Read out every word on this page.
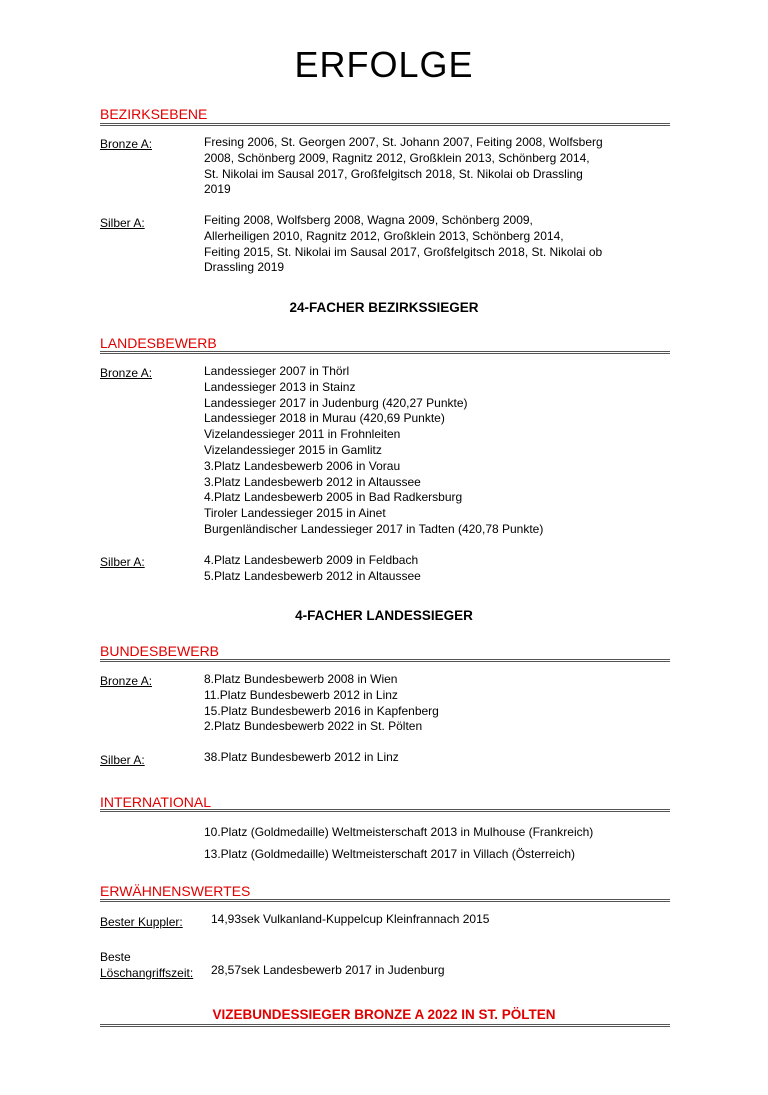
ERFOLGE
BEZIRKSEBENE
Bronze A:	Fresing 2006, St. Georgen 2007, St. Johann 2007, Feiting 2008, Wolfsberg
2008, Schönberg 2009, Ragnitz 2012, Großklein 2013, Schönberg 2014,
St. Nikolai im Sausal 2017, Großfelgitsch 2018, St. Nikolai ob Drassling
2019
Silber A:	Feiting 2008, Wolfsberg 2008, Wagna 2009, Schönberg 2009,
Allerheiligen 2010, Ragnitz 2012, Großklein 2013, Schönberg 2014,
Feiting 2015, St. Nikolai im Sausal 2017, Großfelgitsch 2018, St. Nikolai ob
Drassling 2019
24-FACHER BEZIRKSSIEGER
LANDESBEWERB
Bronze A:	Landessieger 2007 in Thörl
Landessieger 2013 in Stainz
Landessieger 2017 in Judenburg (420,27 Punkte)
Landessieger 2018 in Murau (420,69 Punkte)
Vizelandessieger 2011 in Frohnleiten
Vizelandessieger 2015 in Gamlitz
3.Platz Landesbewerb 2006 in Vorau
3.Platz Landesbewerb 2012 in Altaussee
4.Platz Landesbewerb 2005 in Bad Radkersburg
Tiroler Landessieger 2015 in Ainet
Burgenländischer Landessieger 2017 in Tadten (420,78 Punkte)
Silber A:	4.Platz Landesbewerb 2009 in Feldbach
5.Platz Landesbewerb 2012 in Altaussee
4-FACHER LANDESSIEGER
BUNDESBEWERB
Bronze A:	8.Platz Bundesbewerb 2008 in Wien
11.Platz Bundesbewerb 2012 in Linz
15.Platz Bundesbewerb 2016 in Kapfenberg
2.Platz Bundesbewerb 2022 in St. Pölten
Silber A:	38.Platz Bundesbewerb 2012 in Linz
INTERNATIONAL
10.Platz (Goldmedaille) Weltmeisterschaft 2013 in Mulhouse (Frankreich)
13.Platz (Goldmedaille) Weltmeisterschaft 2017 in Villach (Österreich)
ERWÄHNENSWERTES
Bester Kuppler: 14,93sek Vulkanland-Kuppelcup Kleinfrannach 2015
Beste
Löschangriffszeit: 28,57sek Landesbewerb 2017 in Judenburg
VIZEBUNDESSIEGER BRONZE A 2022 IN ST. PÖLTEN
